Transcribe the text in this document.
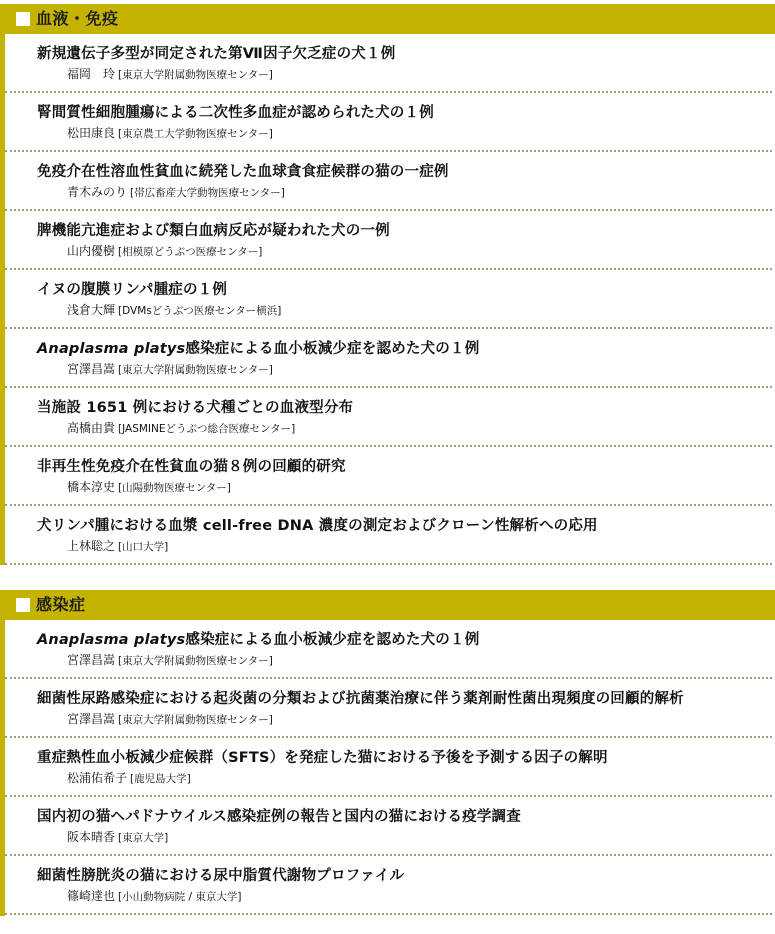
血液・免疫
新規遺伝子多型が同定された第Ⅶ因子欠乏症の犬１例
福岡　玲 [東京大学附属動物医療センター]
腎間質性細胞腫瘍による二次性多血症が認められた犬の１例
松田康良 [東京農工大学動物医療センター]
免疫介在性溶血性貧血に続発した血球貪食症候群の猫の一症例
青木みのり [帯広畜産大学動物医療センター]
脾機能亢進症および類白血病反応が疑われた犬の一例
山内優樹 [相模原どうぶつ医療センター]
イヌの腹膜リンパ腫症の１例
浅倉大輝 [DVMsどうぶつ医療センター横浜]
Anaplasma platys感染症による血小板減少症を認めた犬の１例
宮澤昌嵩 [東京大学附属動物医療センター]
当施設 1651 例における犬種ごとの血液型分布
高橋由貴 [JASMINEどうぶつ総合医療センター]
非再生性免疫介在性貧血の猫８例の回顧的研究
橋本淳史 [山陽動物医療センター]
犬リンパ腫における血漿 cell-free DNA 濃度の測定およびクローン性解析への応用
上林聡之 [山口大学]
感染症
Anaplasma platys感染症による血小板減少症を認めた犬の１例
宮澤昌嵩 [東京大学附属動物医療センター]
細菌性尿路感染症における起炎菌の分類および抗菌薬治療に伴う薬剤耐性菌出現頻度の回顧的解析
宮澤昌嵩 [東京大学附属動物医療センター]
重症熱性血小板減少症候群（SFTS）を発症した猫における予後を予測する因子の解明
松浦佑希子 [鹿児島大学]
国内初の猫ヘパドナウイルス感染症例の報告と国内の猫における疫学調査
阪本晴香 [東京大学]
細菌性膀胱炎の猫における尿中脂質代謝物プロファイル
篠崎達也 [小山動物病院 / 東京大学]
